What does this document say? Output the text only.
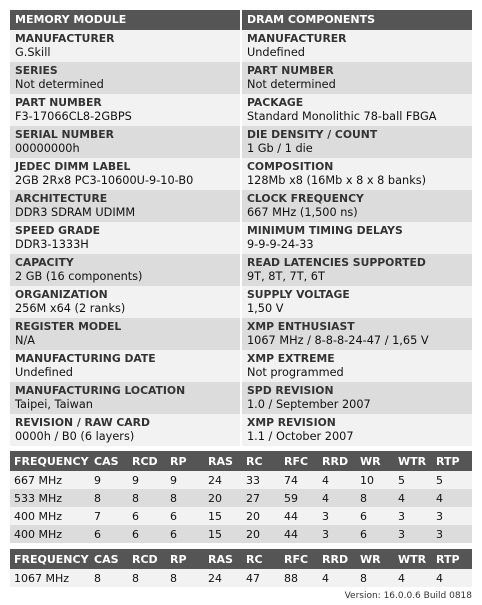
MEMORY MODULE
MANUFACTURER
G.Skill
SERIES
Not determined
PART NUMBER
F3-17066CL8-2GBPS
SERIAL NUMBER
00000000h
JEDEC DIMM LABEL
2GB 2Rx8 PC3-10600U-9-10-B0
ARCHITECTURE
DDR3 SDRAM UDIMM
SPEED GRADE
DDR3-1333H
CAPACITY
2 GB (16 components)
ORGANIZATION
256M x64 (2 ranks)
REGISTER MODEL
N/A
MANUFACTURING DATE
Undefined
MANUFACTURING LOCATION
Taipei, Taiwan
REVISION / RAW CARD
0000h / B0 (6 layers)
DRAM COMPONENTS
MANUFACTURER
Undefined
PART NUMBER
Not determined
PACKAGE
Standard Monolithic 78-ball FBGA
DIE DENSITY / COUNT
1 Gb / 1 die
COMPOSITION
128Mb x8 (16Mb x 8 x 8 banks)
CLOCK FREQUENCY
667 MHz (1,500 ns)
MINIMUM TIMING DELAYS
9-9-9-24-33
READ LATENCIES SUPPORTED
9T, 8T, 7T, 6T
SUPPLY VOLTAGE
1,50 V
XMP ENTHUSIAST
1067 MHz / 8-8-8-24-47 / 1,65 V
XMP EXTREME
Not programmed
SPD REVISION
1.0 / September 2007
XMP REVISION
1.1 / October 2007
FREQUENCY	CAS	RCD	RP	RAS	RC	RFC	RRD	WR	WTR	RTP
667 MHz	9	9	9	24	33	74	4	10	5	5
533 MHz	8	8	8	20	27	59	4	8	4	4
400 MHz	7	6	6	15	20	44	3	6	3	3
400 MHz	6	6	6	15	20	44	3	6	3	3
FREQUENCY	CAS	RCD	RP	RAS	RC	RFC	RRD	WR	WTR	RTP
1067 MHz	8	8	8	24	47	88	4	8	4	4
Version: 16.0.0.6 Build 0818
